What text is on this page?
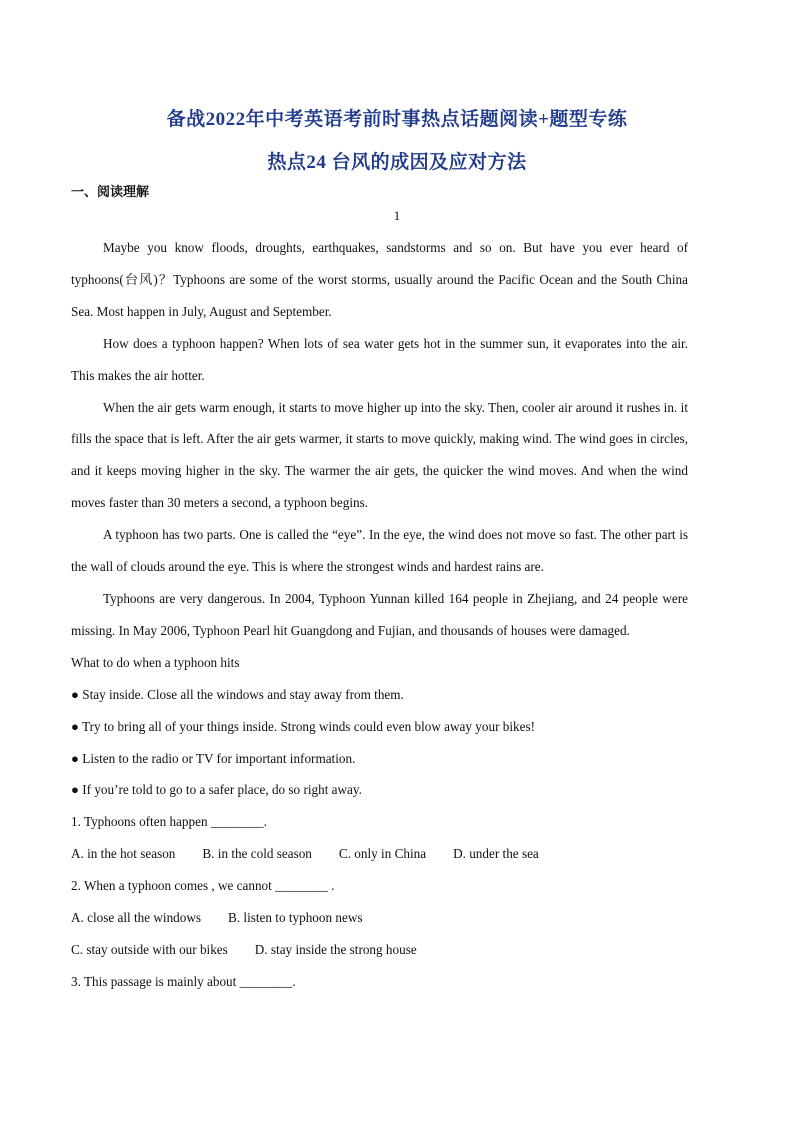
备战2022年中考英语考前时事热点话题阅读+题型专练
热点24 台风的成因及应对方法
一、阅读理解
1

Maybe you know floods, droughts, earthquakes, sandstorms and so on. But have you ever heard of typhoons(台风)？Typhoons are some of the worst storms, usually around the Pacific Ocean and the South China Sea. Most happen in July, August and September.

How does a typhoon happen? When lots of sea water gets hot in the summer sun, it evaporates into the air. This makes the air hotter.

When the air gets warm enough, it starts to move higher up into the sky. Then, cooler air around it rushes in. it fills the space that is left. After the air gets warmer, it starts to move quickly, making wind. The wind goes in circles, and it keeps moving higher in the sky. The warmer the air gets, the quicker the wind moves. And when the wind moves faster than 30 meters a second, a typhoon begins.

A typhoon has two parts. One is called the “eye”. In the eye, the wind does not move so fast. The other part is the wall of clouds around the eye. This is where the strongest winds and hardest rains are.

Typhoons are very dangerous. In 2004, Typhoon Yunnan killed 164 people in Zhejiang, and 24 people were missing. In May 2006, Typhoon Pearl hit Guangdong and Fujian, and thousands of houses were damaged.

What to do when a typhoon hits

● Stay inside. Close all the windows and stay away from them.

● Try to bring all of your things inside. Strong winds could even blow away your bikes!

● Listen to the radio or TV for important information.

● If you’re told to go to a safer place, do so right away.

1. Typhoons often happen ________.

A. in the hot season B. in the cold season C. only in China D. under the sea

2. When a typhoon comes , we cannot ________ .

A. close all the windows B. listen to typhoon news

C. stay outside with our bikes D. stay inside the strong house

3. This passage is mainly about ________.
